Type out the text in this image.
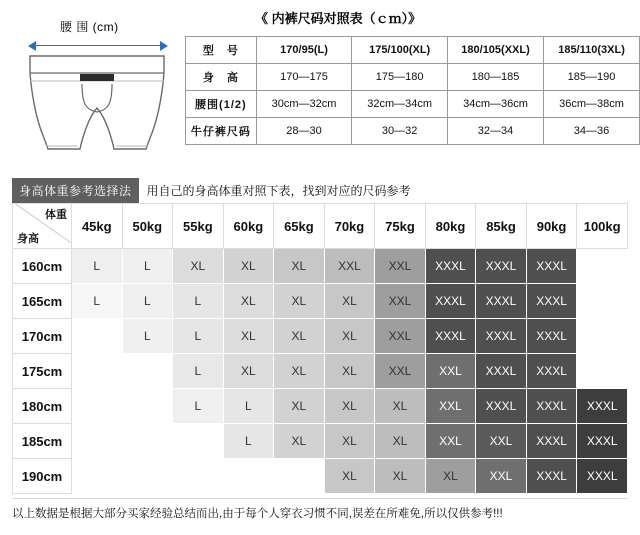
腰 围 (cm)
《 内裤尺码对照表（ｃｍ）》
型　号	170/95(L)	175/100(XL)	180/105(XXL)	185/110(3XL)
身　高	170—175	175—180	180—185	185—190
腰围(1/2)	30cm—32cm	32cm—34cm	34cm—36cm	36cm—38cm
牛仔裤尺码	28—30	30—32	32—34	34—36
身高体重参考选择法	用自己的身高体重对照下表，找到对应的尺码参考
体重
身高	45kg	50kg	55kg	60kg	65kg	70kg	75kg	80kg	85kg	90kg	100kg
160cm	L	L	XL	XL	XL	XXL	XXL	XXXL	XXXL	XXXL	
165cm	L	L	L	XL	XL	XL	XXL	XXXL	XXXL	XXXL	
170cm		L	L	XL	XL	XL	XXL	XXXL	XXXL	XXXL	
175cm			L	XL	XL	XL	XXL	XXL	XXXL	XXXL	
180cm			L	L	XL	XL	XL	XXL	XXXL	XXXL	XXXL
185cm				L	XL	XL	XL	XXL	XXL	XXXL	XXXL
190cm						XL	XL	XL	XXL	XXXL	XXXL
以上数据是根据大部分买家经验总结而出,由于每个人穿衣习惯不同,误差在所难免,所以仅供参考!!!
